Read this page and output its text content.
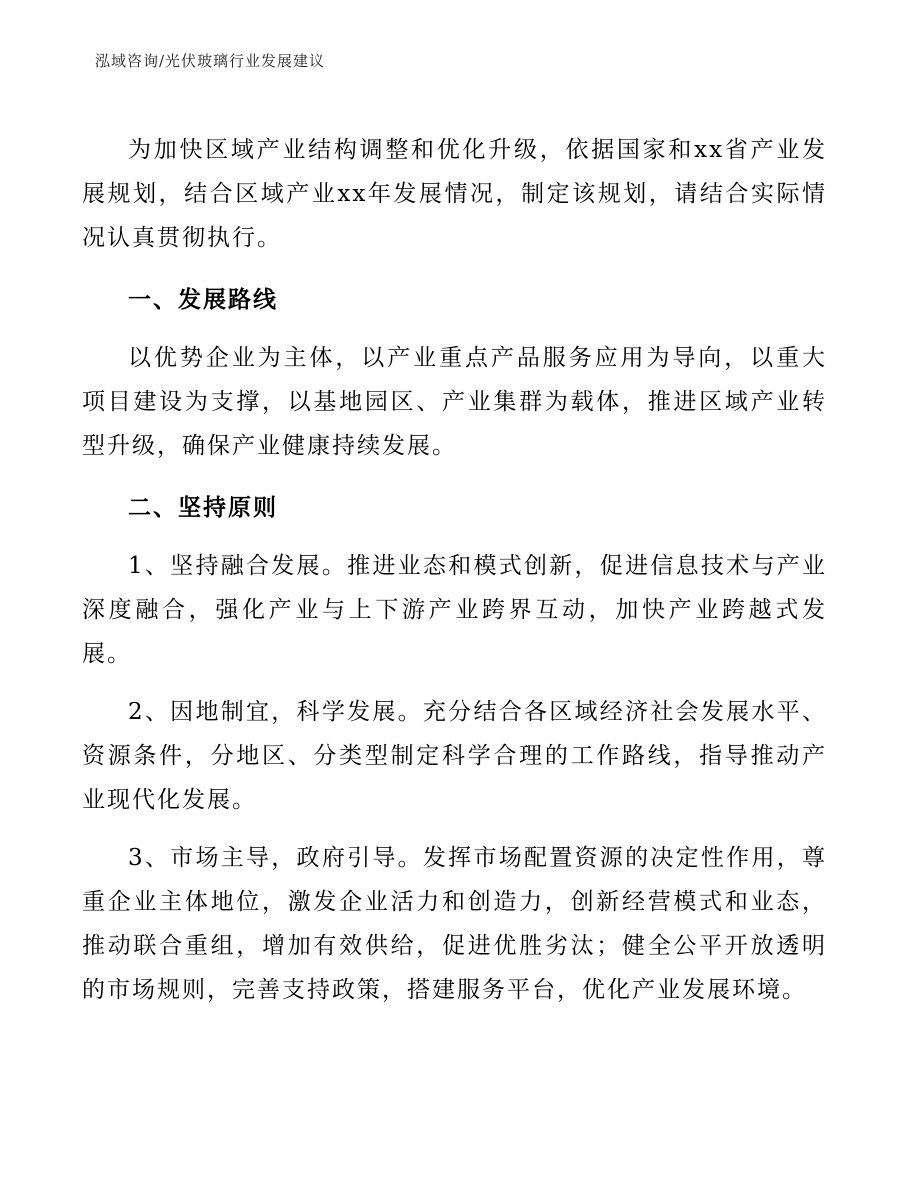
泓域咨询/光伏玻璃行业发展建议

为加快区域产业结构调整和优化升级，依据国家和xx省产业发展规划，结合区域产业xx年发展情况，制定该规划，请结合实际情况认真贯彻执行。

一、发展路线

以优势企业为主体，以产业重点产品服务应用为导向，以重大项目建设为支撑，以基地园区、产业集群为载体，推进区域产业转型升级，确保产业健康持续发展。

二、坚持原则

1、坚持融合发展。推进业态和模式创新，促进信息技术与产业深度融合，强化产业与上下游产业跨界互动，加快产业跨越式发展。

2、因地制宜，科学发展。充分结合各区域经济社会发展水平、资源条件，分地区、分类型制定科学合理的工作路线，指导推动产业现代化发展。

3、市场主导，政府引导。发挥市场配置资源的决定性作用，尊重企业主体地位，激发企业活力和创造力，创新经营模式和业态，推动联合重组，增加有效供给，促进优胜劣汰；健全公平开放透明的市场规则，完善支持政策，搭建服务平台，优化产业发展环境。
